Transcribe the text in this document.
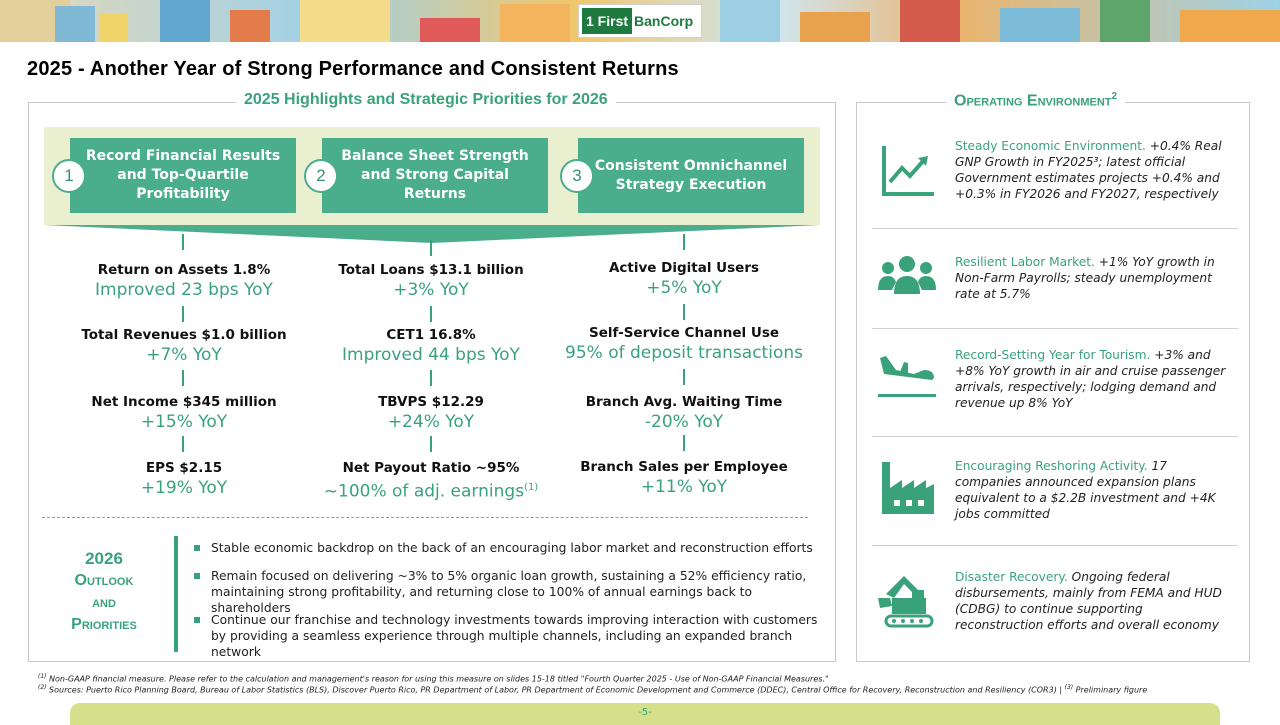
1 First BanCorp
2025 - Another Year of Strong Performance and Consistent Returns
2025 Highlights and Strategic Priorities for 2026
Record Financial Results and Top-Quartile Profitability
1
Balance Sheet Strength and Strong Capital Returns
2
Consistent Omnichannel Strategy Execution
3
Return on Assets 1.8%
Improved 23 bps YoY
Total Revenues $1.0 billion
+7% YoY
Net Income $345 million
+15% YoY
EPS $2.15
+19% YoY
Total Loans $13.1 billion
+3% YoY
CET1 16.8%
Improved 44 bps YoY
TBVPS $12.29
+24% YoY
Net Payout Ratio ~95%
~100% of adj. earnings$^{(1)}$
Active Digital Users
+5% YoY
Self-Service Channel Use
95% of deposit transactions
Branch Avg. Waiting Time
-20% YoY
Branch Sales per Employee
+11% YoY
2026
Outlook
and
Priorities
Stable economic backdrop on the back of an encouraging labor market and reconstruction efforts
Remain focused on delivering ~3% to 5% organic loan growth, sustaining a 52% efficiency ratio, maintaining strong profitability, and returning close to 100% of annual earnings back to shareholders
Continue our franchise and technology investments towards improving interaction with customers by providing a seamless experience through multiple channels, including an expanded branch network
Operating Environment$^2$
Steady Economic Environment. +0.4% Real GNP Growth in FY2025³; latest official Government estimates projects +0.4% and +0.3% in FY2026 and FY2027, respectively
Resilient Labor Market. +1% YoY growth in Non-Farm Payrolls; steady unemployment rate at 5.7%
Record-Setting Year for Tourism. +3% and +8% YoY growth in air and cruise passenger arrivals, respectively; lodging demand and revenue up 8% YoY
Encouraging Reshoring Activity. 17 companies announced expansion plans equivalent to a $2.2B investment and +4K jobs committed
Disaster Recovery. Ongoing federal disbursements, mainly from FEMA and HUD (CDBG) to continue supporting reconstruction efforts and overall economy
$^{(1)}$ Non-GAAP financial measure. Please refer to the calculation and management's reason for using this measure on slides 15-18 titled "Fourth Quarter 2025 - Use of Non-GAAP Financial Measures."
$^{(2)}$ Sources: Puerto Rico Planning Board, Bureau of Labor Statistics (BLS), Discover Puerto Rico, PR Department of Labor, PR Department of Economic Development and Commerce (DDEC), Central Office for Recovery, Reconstruction and Resiliency (COR3) | $^{(3)}$ Preliminary figure
-5-
